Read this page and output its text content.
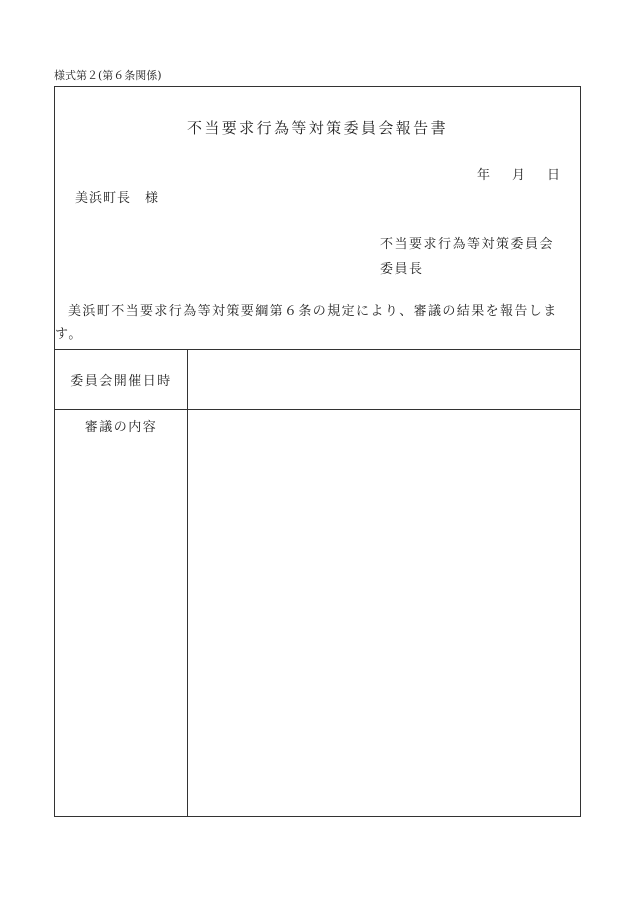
様式第２(第６条関係)
不当要求行為等対策委員会報告書
年 月 日
美浜町長　様
不当要求行為等対策委員会
委員長
美浜町不当要求行為等対策要綱第６条の規定により、審議の結果を報告します。
委員会開催日時	

審議の内容	
